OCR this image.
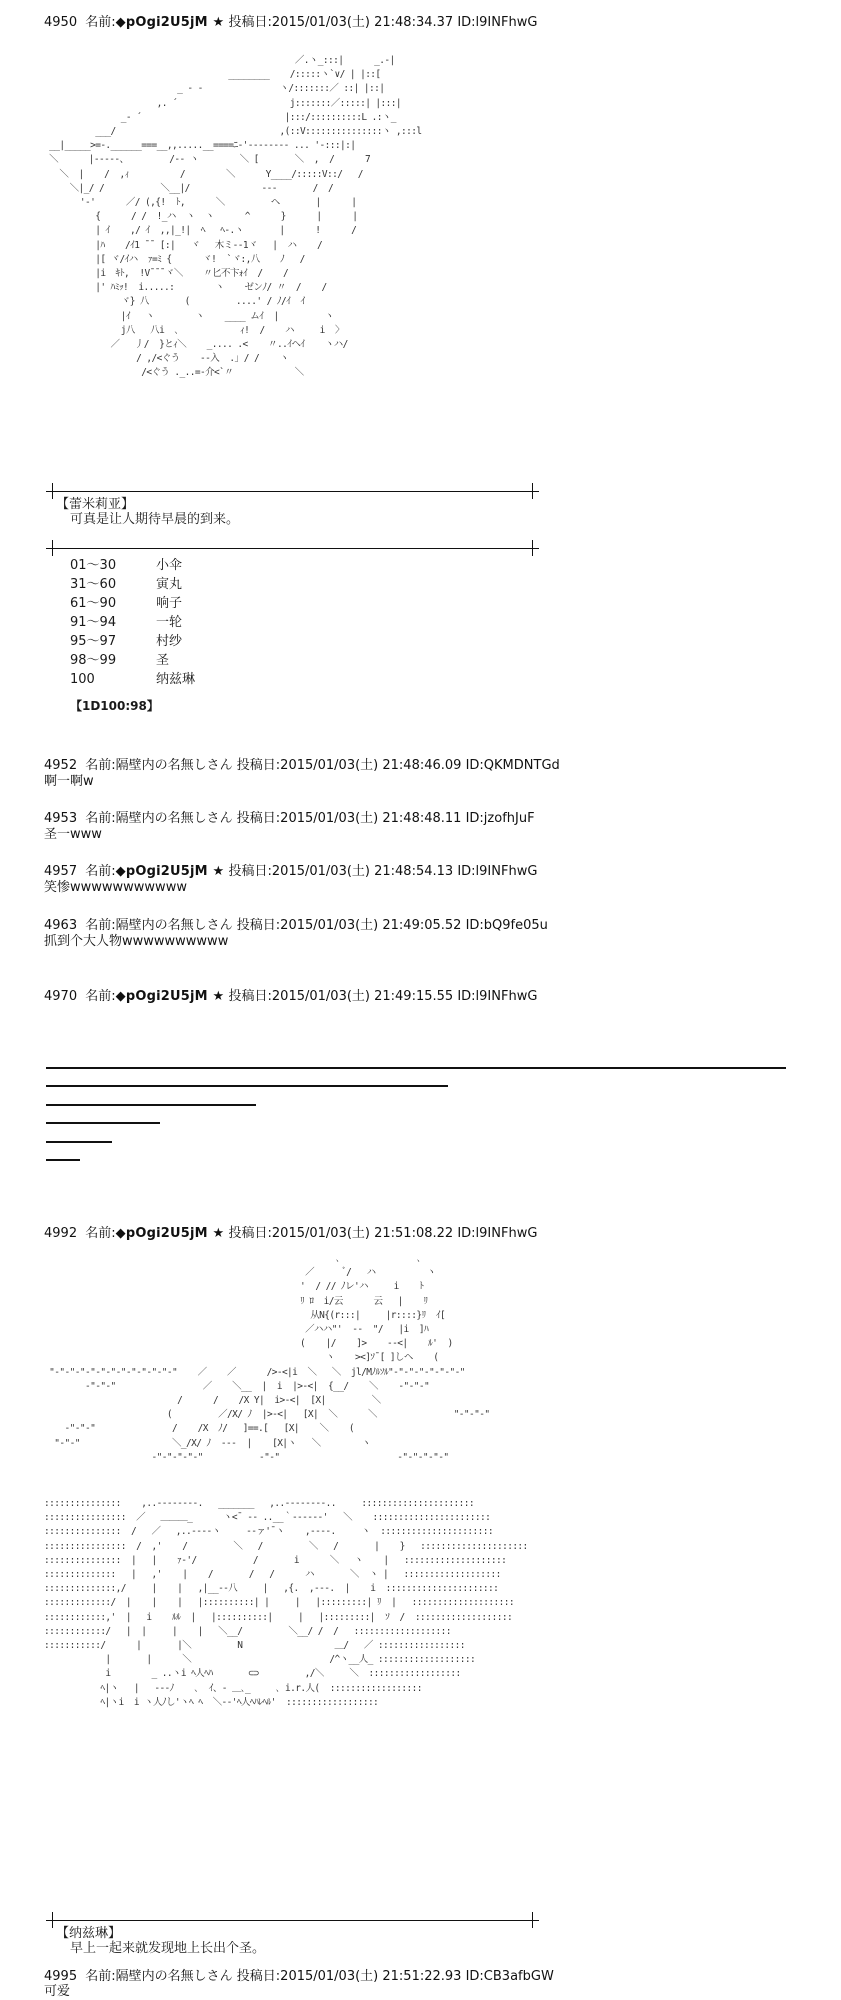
4950 名前:◆pOgi2U5jM ★ 投稿日:2015/01/03(土) 21:48:34.37 ID:l9INFhwG
／.ヽ_:::|      _.-|
________    /:::::ヽ`∨/ | |::[
_ - ‐               ヽ/:::::::／ ::| |::|
,. ´                      j:::::::／:::::| |:::|
_‐ ´                            |:::/::::::::::L .:ヽ_
___/                                ,(::V:::::::::::::::ヽ ,:::l
__|_____>=-.______===__,,.....__====ﾆ‐'‐‐‐‐‐-‐‐ ... '‐:::|:|
＼      |‐‐---、        /‐‐ ヽ        ＼ [       ＼  ,  /      7
＼  |    /  ,ｨ          /        ＼      Y____/:::::V::/   /
＼|_/ /           ＼__|/              ‐‐‐       /  /
'‐'      ／/ (,{!  ﾄ,      ＼         ヘ       |      |
{      / /  !_ハ  ヽ  ヽ      ^      }      |      |
| ｲ    ,/ ｲ  ,,|_!|  ﾍ   ﾍ-.ヽ       |      !      /
|ﾊ    /ｲ1 ¯¯ [:|   ヾ   木ミ‐-1ヾ   |  ハ    /
|[ ヾ/ｲハ  ｧ=ﾐ {      ヾ!  `ヾ:,八    ﾉ   /
|i  ｷﾄ,  !V¯¯¯ヾ＼    〃匕不卞ｫｲ  /    /
|' ﾊﾐｯ!  i.....:        ヽ    ゼンﾉ/ 〃  /    /
ヾ} 八       (         ....' / ﾉ/ｲ  ｲ
|ｲ   ヽ        ヽ    ____ ムｲ  |         ヽ
j八   八i  ､            ｨ!  /    ハ     i  〉
／   丿/  }とｨ＼    _.... .<    〃..ｲヘｲ    ヽハ/
/ ,/<ぐう    ‐‐入  .｣ / /    ヽ
/<ぐう ._..=-介<`〃            ＼
【蕾米莉亚】
可真是让人期待早晨的到来。
01～30	小伞
31～60	寅丸
61～90	响子
91～94	一轮
95～97	村纱
98～99	圣
100	纳兹琳
【1D100:98】
4952 名前:隔壁内の名無しさん 投稿日:2015/01/03(土) 21:48:46.09 ID:QKMDNTGd
啊一啊w
4953 名前:隔壁内の名無しさん 投稿日:2015/01/03(土) 21:48:48.11 ID:jzofhJuF
圣一www
4957 名前:◆pOgi2U5jM ★ 投稿日:2015/01/03(土) 21:48:54.13 ID:l9INFhwG
笑惨wwwwwwwwwww
4963 名前:隔壁内の名無しさん 投稿日:2015/01/03(土) 21:49:05.52 ID:bQ9fe05u
抓到个大人物wwwwwwwwww
4970 名前:◆pOgi2U5jM ★ 投稿日:2015/01/03(土) 21:49:15.55 ID:l9INFhwG
4992 名前:◆pOgi2U5jM ★ 投稿日:2015/01/03(土) 21:51:08.22 ID:l9INFhwG
､               ､
／      ﾞ/   ハ          ヽ
'  / // ﾉレ'ハ     i    ﾄ
ﾘ ﾛ  i/云      云   |    ﾘ
从N{(r:::|     |r::::}ﾘ  ｲ[
／ハハ"'  ‐‐  "/   |i  ]ﾊ
(    |/    ]>    ‐‐<|    ﾙ'  )
ヽ    ><]ｿ¯[ ]しヘ    (
"‐"‐"‐"‐"‐"‐"‐"‐"‐"‐"‐"‐"    ／    ／      />‐<|i  ＼   ＼  jl/Mﾉﾙｿﾙ"‐"‐"‐"‐"‐"‐"‐"
‐"‐"‐"                 ／    ＼__  |  i  |>‐<|  {__/    ＼    ‐"‐"‐"
/      /    /X Y|  i>‐<|  [X|         ＼
(         ／/X/ ﾉ  |>‐<|   [X|  ＼      ＼               "‐"‐"‐"
‐"‐"‐"               /    /X  ﾉ/   ]==.[   [X|    ＼    (
"‐"‐"                  ＼_/X/ ﾉ  ‐‐‐  |    [X|ヽ   ＼        ヽ
‐"‐"‐"‐"‐"           ‐"‐"                       ‐"‐"‐"‐"‐"
:::::::::::::::    ,..-‐‐‐‐‐‐-.   _______   ,..-‐‐‐‐‐‐-..     ::::::::::::::::::::::
::::::::::::::::  ／   ＿＿＿_      ヽ<¯ ‐- ..__｀‐‐‐‐‐‐'   ＼    :::::::::::::::::::::::
:::::::::::::::  /   ／   ,..‐-‐-ヽ     ‐-ァ'¯ヽ    ,‐‐‐-.     ヽ  ::::::::::::::::::::::
::::::::::::::::  /  ,'    /         ＼   /         ＼   /       |    }   :::::::::::::::::::::
:::::::::::::::  |   |    ｧ‐'/           /       i      ＼   ヽ    |   ::::::::::::::::::::
::::::::::::::   |   ,'    |    /       /   /      ハ       ＼  ヽ |   :::::::::::::::::::
::::::::::::::,/     |    |   ,|__‐-八     |   ,{.  ,‐‐‐.  |    i  ::::::::::::::::::::::
:::::::::::::/  |    |    |   |::::::::::| |     |   |:::::::::| ﾘ  |   ::::::::::::::::::::
::::::::::::,'  |   i    ﾙﾙ  |   |::::::::::|     |   |:::::::::|  ｿ  /  :::::::::::::::::::
::::::::::::/   |  |     |    |   ＼__/         ＼__/ /  /   :::::::::::::::::::
:::::::::::/      |       |＼         N                  ＿/   ／ :::::::::::::::::
|       |      ＼                           /^ヽ__人_ :::::::::::::::::::
i        _ ..ヽi ﾍ人ﾍﾊ       ⊂⊃         ,/＼     ＼  ::::::::::::::::::
ﾍ|ヽ   |   ‐‐‐ﾉ    ､  ｲ、‐ ＿､_     ､ i.r.人(  ::::::::::::::::::
ﾍ|ヽi  i ヽ人ﾉし'ヽﾍ ﾍ  ＼‐‐'ﾍ人ﾍﾊﾚﾍﾙ'  ::::::::::::::::::
【纳兹琳】
早上一起来就发现地上长出个圣。
4995 名前:隔壁内の名無しさん 投稿日:2015/01/03(土) 21:51:22.93 ID:CB3afbGW
可爱
